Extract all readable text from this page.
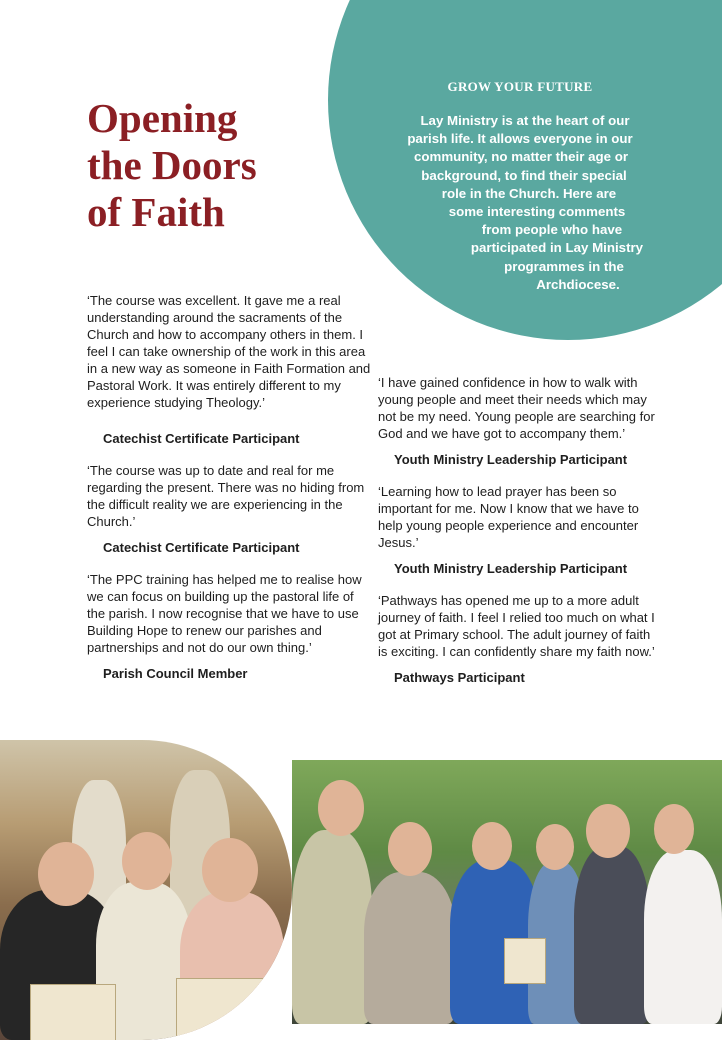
GROW YOUR FUTURE
Lay Ministry is at the heart of our
parish life. It allows everyone in our
community, no matter their age or
background, to find their special
role in the Church. Here are
some interesting comments
from people who have
participated in Lay Ministry
programmes in the
Archdiocese.
Opening
the Doors
of Faith

‘The course was excellent. It gave me a real understanding around the sacraments of the Church and how to accompany others in them. I feel I can take ownership of the work in this area in a new way as someone in Faith Formation and Pastoral Work. It was entirely different to my experience studying Theology.’

Catechist Certificate Participant

‘The course was up to date and real for me regarding the present. There was no hiding from the difficult reality we are experiencing in the Church.’

Catechist Certificate Participant

‘The PPC training has helped me to realise how we can focus on building up the pastoral life of the parish. I now recognise that we have to use Building Hope to renew our parishes and partnerships and not do our own thing.’

Parish Council Member

‘I have gained confidence in how to walk with young people and meet their needs which may not be my need. Young people are searching for God and we have got to accompany them.’

Youth Ministry Leadership Participant

‘Learning how to lead prayer has been so important for me. Now I know that we have to help young people experience and encounter Jesus.’

Youth Ministry Leadership Participant

‘Pathways has opened me up to a more adult journey of faith. I feel I relied too much on what I got at Primary school. The adult journey of faith is exciting. I can confidently share my faith now.’

Pathways Participant
